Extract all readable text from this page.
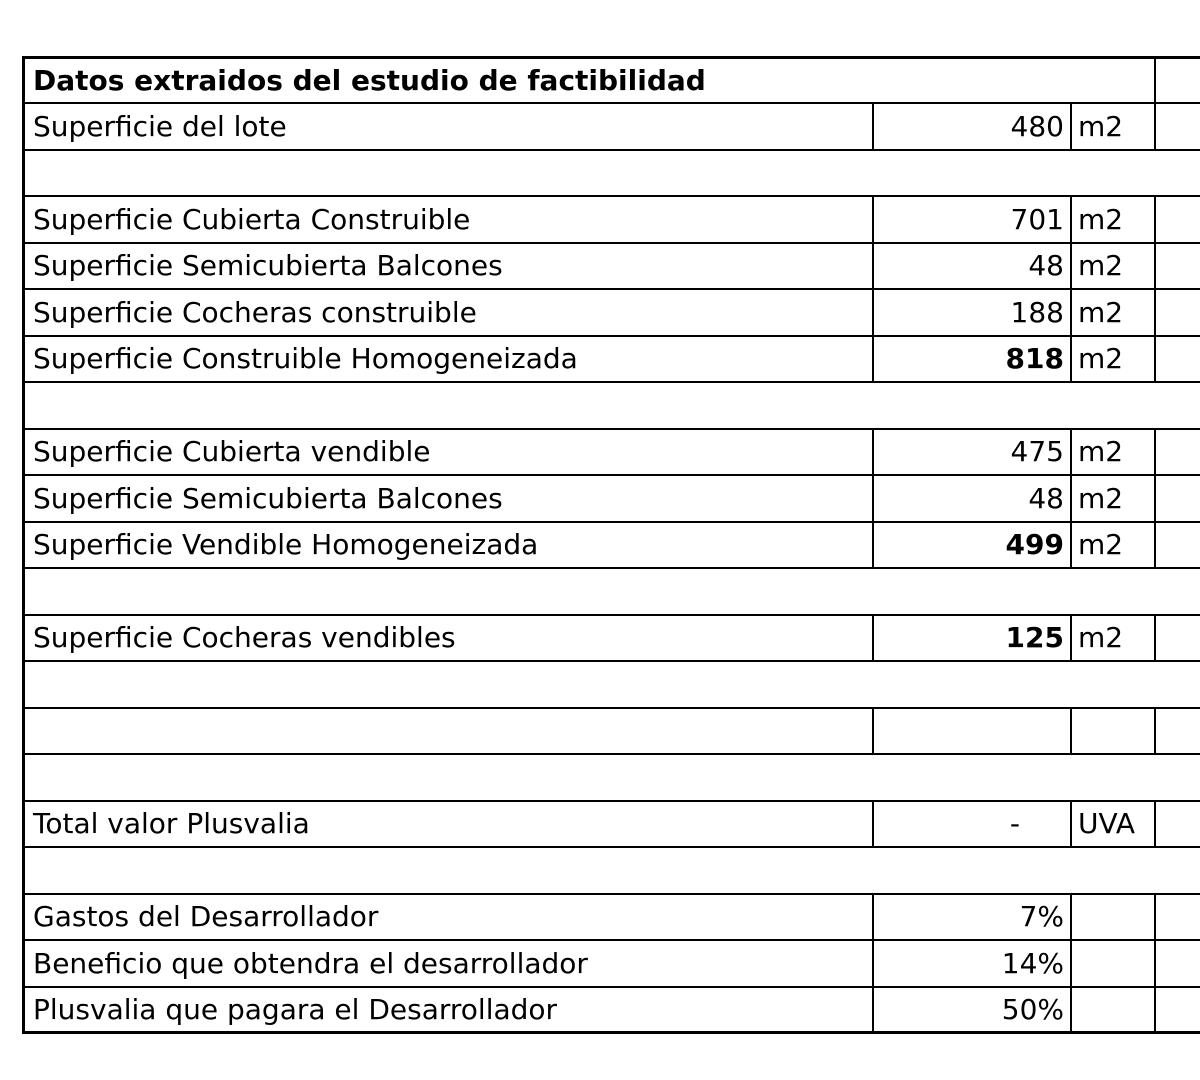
Datos extraidos del estudio de factibilidad
Superficie del lote	480 m2
Superficie Cubierta Construible	701 m2
Superficie Semicubierta Balcones	48 m2
Superficie Cocheras construible	188 m2
Superficie Construible Homogeneizada	818 m2
Superficie Cubierta vendible	475 m2
Superficie Semicubierta Balcones	48 m2
Superficie Vendible Homogeneizada	499 m2
Superficie Cocheras vendibles	125 m2
Total valor Plusvalia	-	UVA
Gastos del Desarrollador	7%
Beneficio que obtendra el desarrollador	14%
Plusvalia que pagara el Desarrollador	50%
